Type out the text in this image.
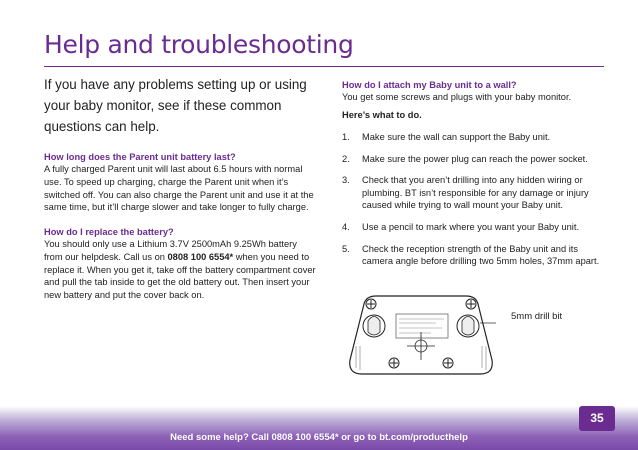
Help and troubleshooting
If you have any problems setting up or using your baby monitor, see if these common questions can help.
How long does the Parent unit battery last?
A fully charged Parent unit will last about 6.5 hours with normal use. To speed up charging, charge the Parent unit when it’s switched off. You can also charge the Parent unit and use it at the same time, but it’ll charge slower and take longer to fully charge.
How do I replace the battery?
You should only use a Lithium 3.7V 2500mAh 9.25Wh battery from our helpdesk. Call us on 0808 100 6554* when you need to replace it. When you get it, take off the battery compartment cover and pull the tab inside to get the old battery out. Then insert your new battery and put the cover back on.
How do I attach my Baby unit to a wall?
You get some screws and plugs with your baby monitor.
Here’s what to do.
1. Make sure the wall can support the Baby unit.
2. Make sure the power plug can reach the power socket.
3. Check that you aren’t drilling into any hidden wiring or plumbing. BT isn’t responsible for any damage or injury caused while trying to wall mount your Baby unit.
4. Use a pencil to mark where you want your Baby unit.
5. Check the reception strength of the Baby unit and its camera angle before drilling two 5mm holes, 37mm apart.
5mm drill bit
35
Need some help? Call 0808 100 6554* or go to bt.com/producthelp
